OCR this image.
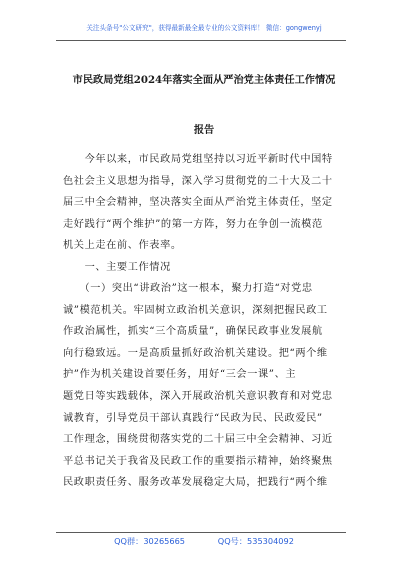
关注头条号"公文研究"，获得最新最全最专业的公文资料库！ 微信：gongwenyj
市民政局党组2024年落实全面从严治党主体责任工作情况
报告
　　今年以来，市民政局党组坚持以习近平新时代中国特
色社会主义思想为指导，深入学习贯彻党的二十大及二十
届三中全会精神，坚决落实全面从严治党主体责任，坚定
走好践行“两个维护”的第一方阵，努力在争创一流模范
机关上走在前、作表率。
　　一、主要工作情况
　　（一）突出“讲政治”这一根本，聚力打造“对党忠
诚”模范机关。牢固树立政治机关意识，深刻把握民政工
作政治属性，抓实“三个高质量”，确保民政事业发展航
向行稳致远。一是高质量抓好政治机关建设。把“两个维
护”作为机关建设首要任务，用好“三会一课”、主
题党日等实践载体，深入开展政治机关意识教育和对党忠
诚教育，引导党员干部认真践行“民政为民、民政爱民”
工作理念，围绕贯彻落实党的二十届三中全会精神、习近
平总书记关于我省及民政工作的重要指示精神，始终聚焦
民政职责任务、服务改革发展稳定大局，把践行“两个维
QQ群：30265665　　　　QQ号：535304092
